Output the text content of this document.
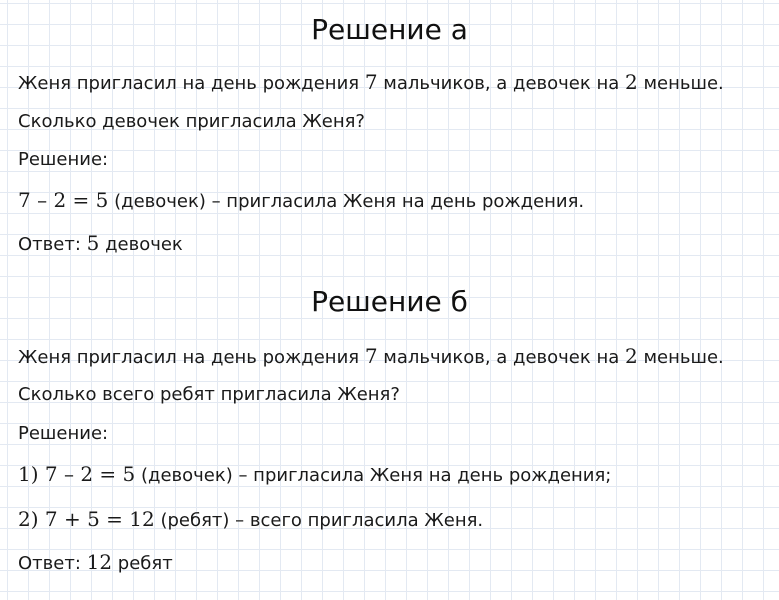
Решение а
Женя пригласил на день рождения 7 мальчиков, а девочек на 2 меньше.
Сколько девочек пригласила Женя?
Решение:
7 – 2 = 5 (девочек) – пригласила Женя на день рождения.
Ответ: 5 девочек
Решение б
Женя пригласил на день рождения 7 мальчиков, а девочек на 2 меньше.
Сколько всего ребят пригласила Женя?
Решение:
1) 7 – 2 = 5 (девочек) – пригласила Женя на день рождения;
2) 7 + 5 = 12 (ребят) – всего пригласила Женя.
Ответ: 12 ребят
